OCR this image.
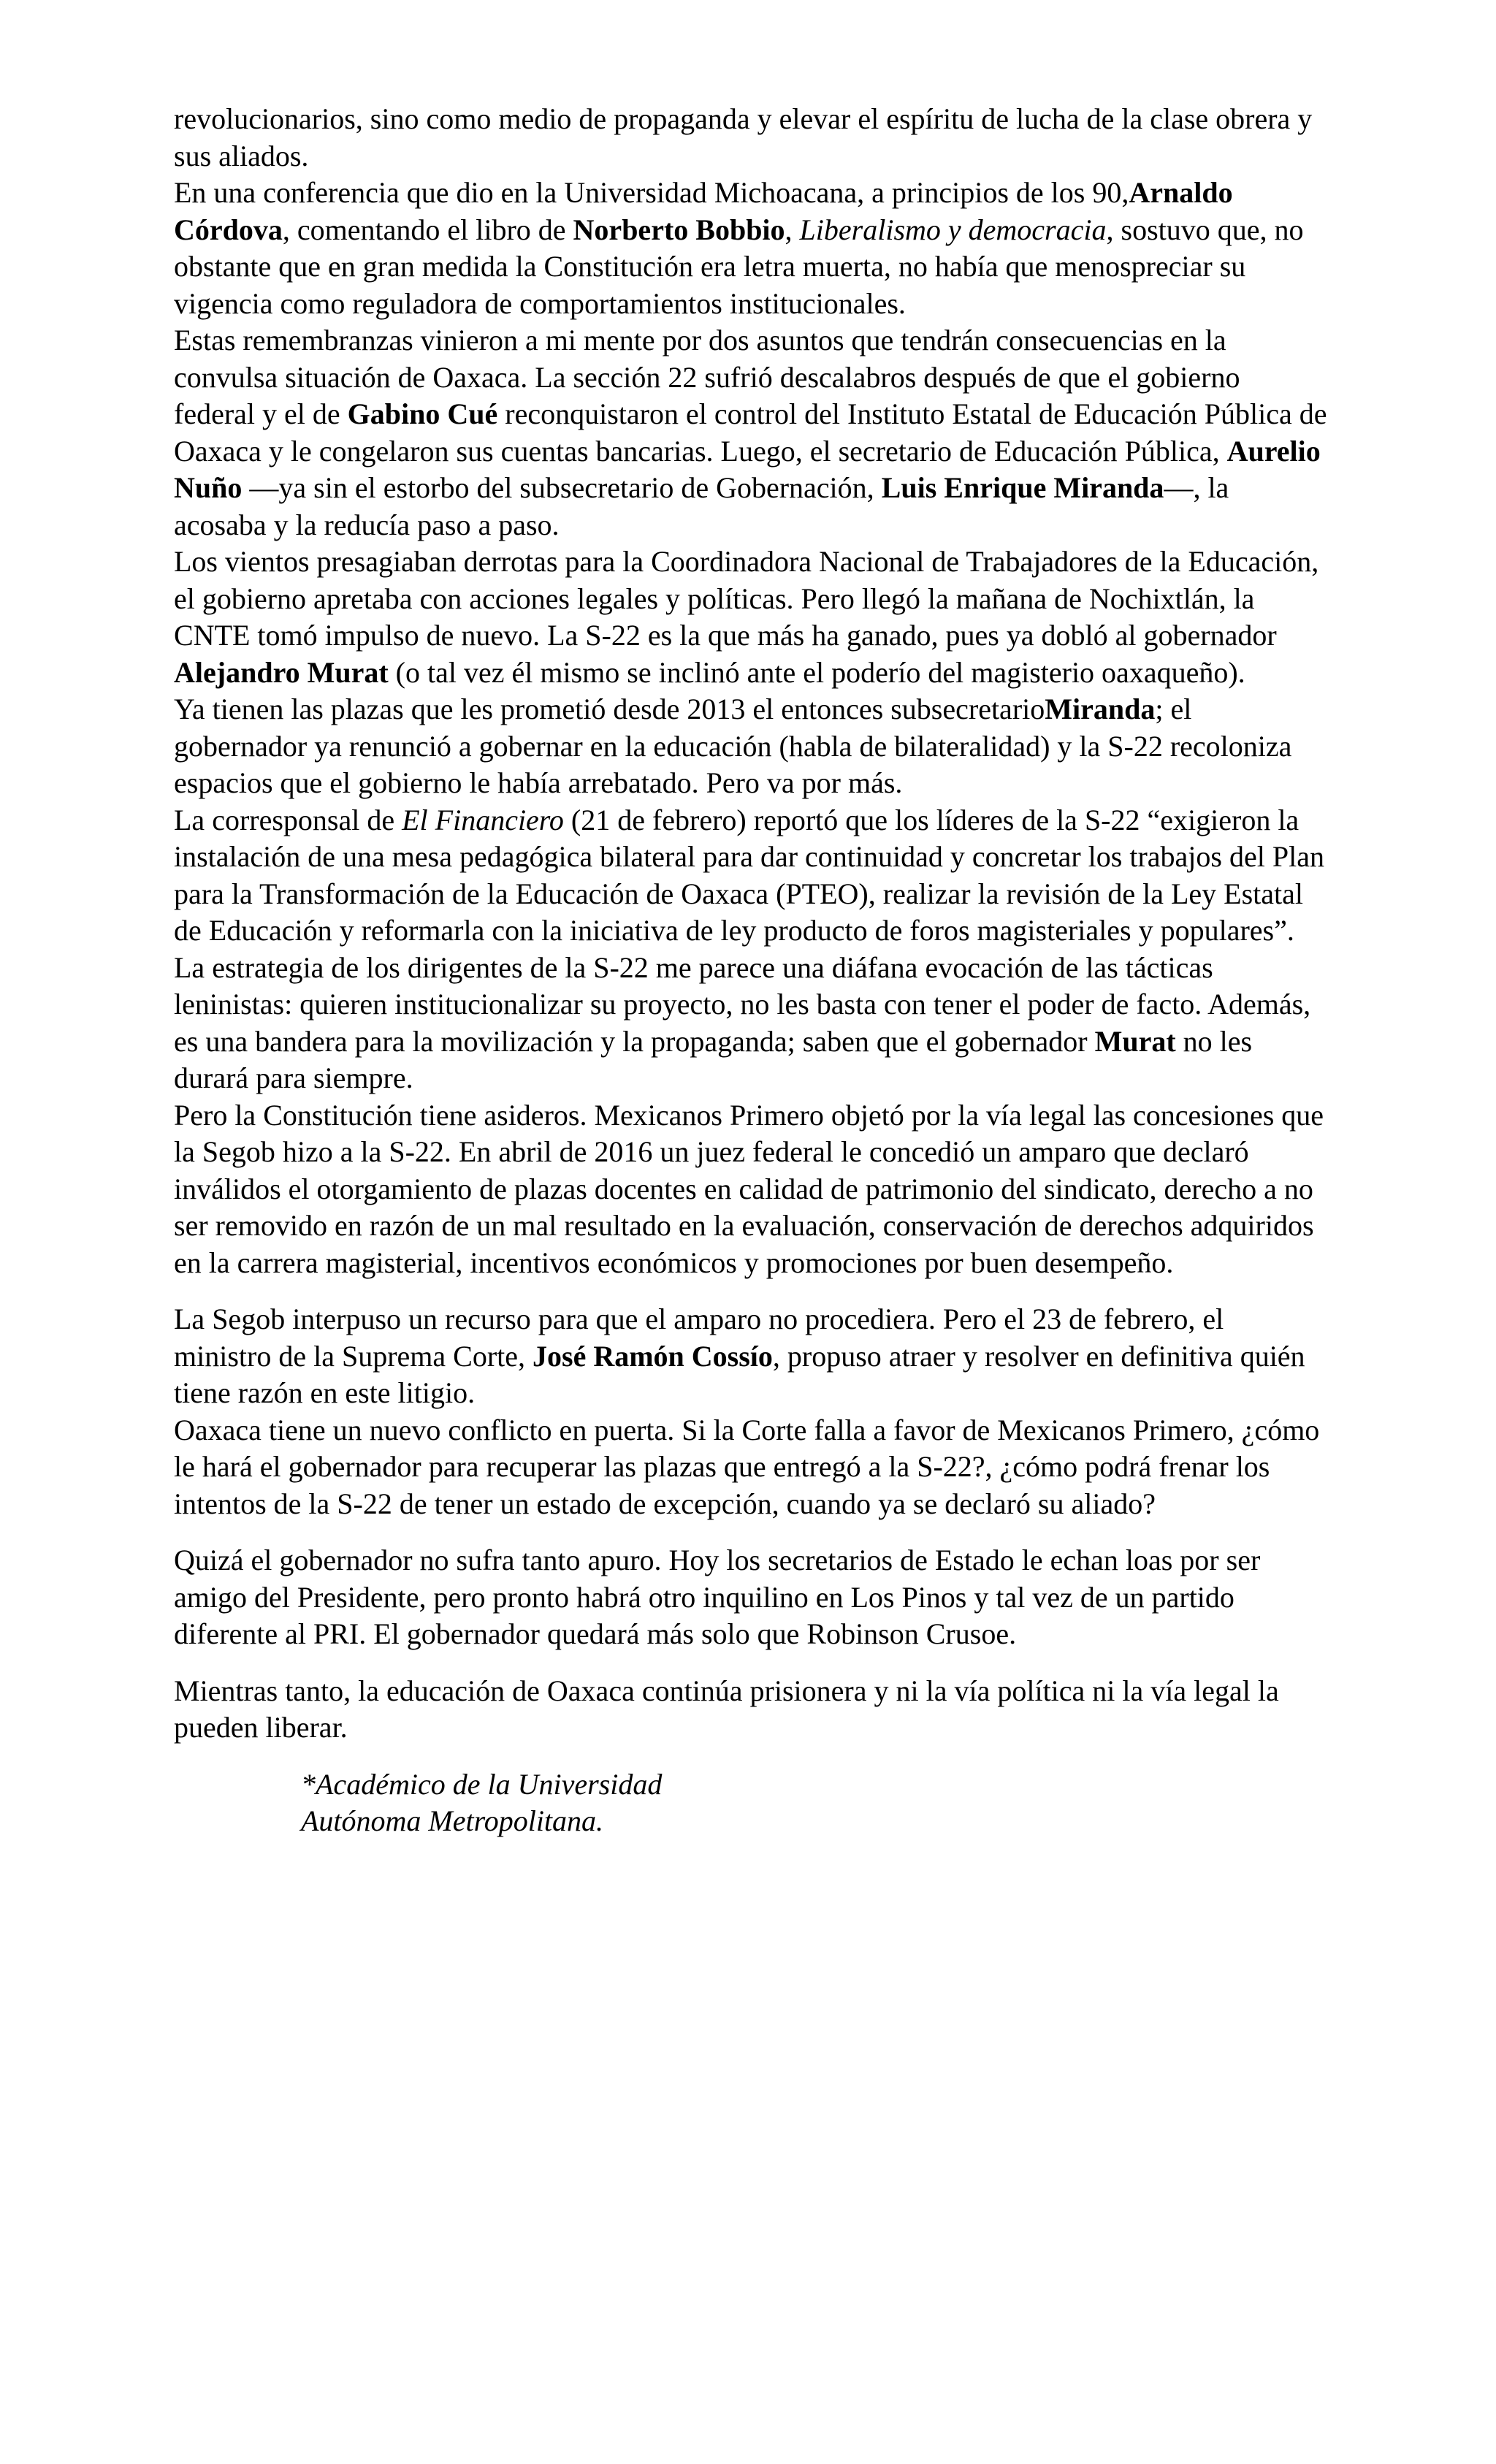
revolucionarios, sino como medio de propaganda y elevar el espíritu de lucha de la clase obrera y sus aliados.

En una conferencia que dio en la Universidad Michoacana, a principios de los 90,Arnaldo Córdova, comentando el libro de Norberto Bobbio, Liberalismo y democracia, sostuvo que, no obstante que en gran medida la Constitución era letra muerta, no había que menospreciar su vigencia como reguladora de comportamientos institucionales.

Estas remembranzas vinieron a mi mente por dos asuntos que tendrán consecuencias en la convulsa situación de Oaxaca. La sección 22 sufrió descalabros después de que el gobierno federal y el de Gabino Cué reconquistaron el control del Instituto Estatal de Educación Pública de Oaxaca y le congelaron sus cuentas bancarias. Luego, el secretario de Educación Pública, Aurelio Nuño —ya sin el estorbo del subsecretario de Gobernación, Luis Enrique Miranda—, la acosaba y la reducía paso a paso.

Los vientos presagiaban derrotas para la Coordinadora Nacional de Trabajadores de la Educación, el gobierno apretaba con acciones legales y políticas. Pero llegó la mañana de Nochixtlán, la CNTE tomó impulso de nuevo. La S-22 es la que más ha ganado, pues ya dobló al gobernador Alejandro Murat (o tal vez él mismo se inclinó ante el poderío del magisterio oaxaqueño).

Ya tienen las plazas que les prometió desde 2013 el entonces subsecretarioMiranda; el gobernador ya renunció a gobernar en la educación (habla de bilateralidad) y la S-22 recoloniza espacios que el gobierno le había arrebatado. Pero va por más.

La corresponsal de El Financiero (21 de febrero) reportó que los líderes de la S-22 “exigieron la instalación de una mesa pedagógica bilateral para dar continuidad y concretar los trabajos del Plan para la Transformación de la Educación de Oaxaca (PTEO), realizar la revisión de la Ley Estatal de Educación y reformarla con la iniciativa de ley producto de foros magisteriales y populares”.

La estrategia de los dirigentes de la S-22 me parece una diáfana evocación de las tácticas leninistas: quieren institucionalizar su proyecto, no les basta con tener el poder de facto. Además, es una bandera para la movilización y la propaganda; saben que el gobernador Murat no les durará para siempre.

Pero la Constitución tiene asideros. Mexicanos Primero objetó por la vía legal las concesiones que la Segob hizo a la S-22. En abril de 2016 un juez federal le concedió un amparo que declaró inválidos el otorgamiento de plazas docentes en calidad de patrimonio del sindicato, derecho a no ser removido en razón de un mal resultado en la evaluación, conservación de derechos adquiridos en la carrera magisterial, incentivos económicos y promociones por buen desempeño.

La Segob interpuso un recurso para que el amparo no procediera. Pero el 23 de febrero, el ministro de la Suprema Corte, José Ramón Cossío, propuso atraer y resolver en definitiva quién tiene razón en este litigio.

Oaxaca tiene un nuevo conflicto en puerta. Si la Corte falla a favor de Mexicanos Primero, ¿cómo le hará el gobernador para recuperar las plazas que entregó a la S-22?, ¿cómo podrá frenar los intentos de la S-22 de tener un estado de excepción, cuando ya se declaró su aliado?

Quizá el gobernador no sufra tanto apuro. Hoy los secretarios de Estado le echan loas por ser amigo del Presidente, pero pronto habrá otro inquilino en Los Pinos y tal vez de un partido diferente al PRI. El gobernador quedará más solo que Robinson Crusoe.

Mientras tanto, la educación de Oaxaca continúa prisionera y ni la vía política ni la vía legal la pueden liberar.

*Académico de la Universidad
Autónoma Metropolitana.
